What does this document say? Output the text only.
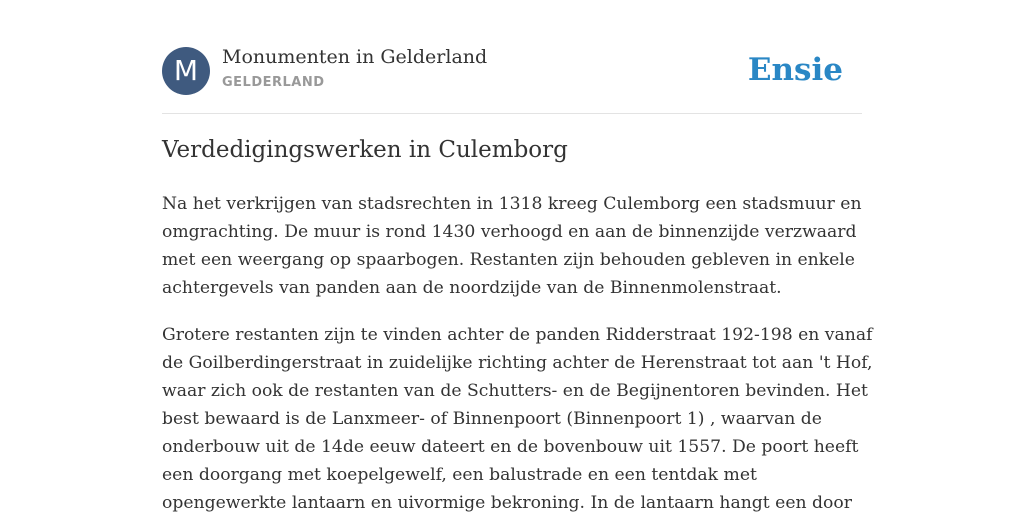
M	Monumenten in Gelderland
GELDERLAND	Ensie
Verdedigingswerken in Culemborg

Na het verkrijgen van stadsrechten in 1318 kreeg Culemborg een stadsmuur en
omgrachting. De muur is rond 1430 verhoogd en aan de binnenzijde verzwaard
met een weergang op spaarbogen. Restanten zijn behouden gebleven in enkele
achtergevels van panden aan de noordzijde van de Binnenmolenstraat.

Grotere restanten zijn te vinden achter de panden Ridderstraat 192-198 en vanaf
de Goilberdingerstraat in zuidelijke richting achter de Herenstraat tot aan 't Hof,
waar zich ook de restanten van de Schutters- en de Begijnentoren bevinden. Het
best bewaard is de Lanxmeer- of Binnenpoort (Binnenpoort 1) , waarvan de
onderbouw uit de 14de eeuw dateert en de bovenbouw uit 1557. De poort heeft
een doorgang met koepelgewelf, een balustrade en een tentdak met
opengewerkte lantaarn en uivormige bekroning. In de lantaarn hangt een door
